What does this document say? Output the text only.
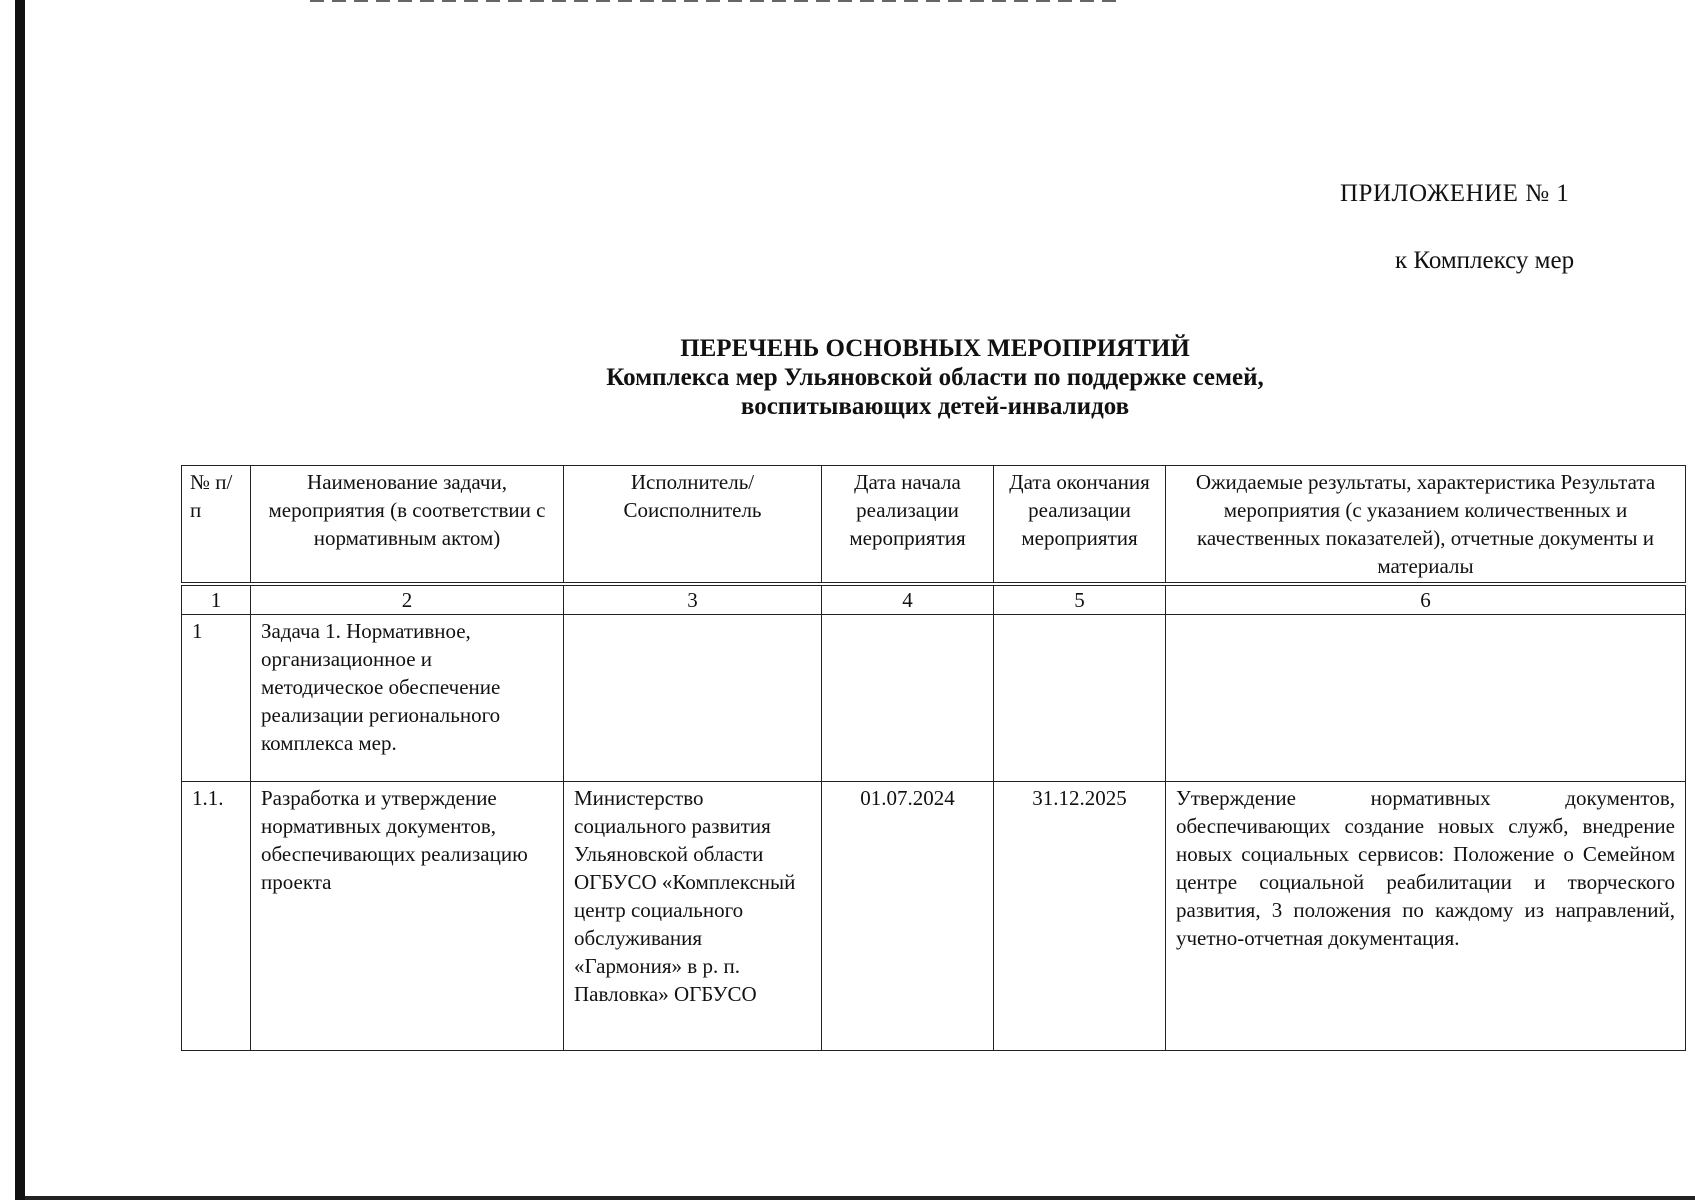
ПРИЛОЖЕНИЕ № 1
к Комплексу мер
ПЕРЕЧЕНЬ ОСНОВНЫХ МЕРОПРИЯТИЙ
Комплекса мер Ульяновской области по поддержке семей,
воспитывающих детей-инвалидов
№ п/п	Наименование задачи, мероприятия (в соответствии с нормативным актом)	Исполнитель/ Соисполнитель	Дата начала реализации мероприятия	Дата окончания реализации мероприятия	Ожидаемые результаты, характеристика Результата мероприятия (с указанием количественных и качественных показателей), отчетные документы и материалы
1	2	3	4	5	6
1	Задача 1. Нормативное, организационное и методическое обеспечение реализации регионального комплекса мер.				
1.1.	Разработка и утверждение нормативных документов, обеспечивающих реализацию проекта	Министерство социального развития Ульяновской области ОГБУСО «Комплексный центр социального обслуживания «Гармония» в р. п. Павловка» ОГБУСО	01.07.2024	31.12.2025	Утверждение нормативных документов, обеспечивающих создание новых служб, внедрение новых социальных сервисов: Положение о Семейном центре социальной реабилитации и творческого развития, 3 положения по каждому из направлений, учетно-отчетная документация.
